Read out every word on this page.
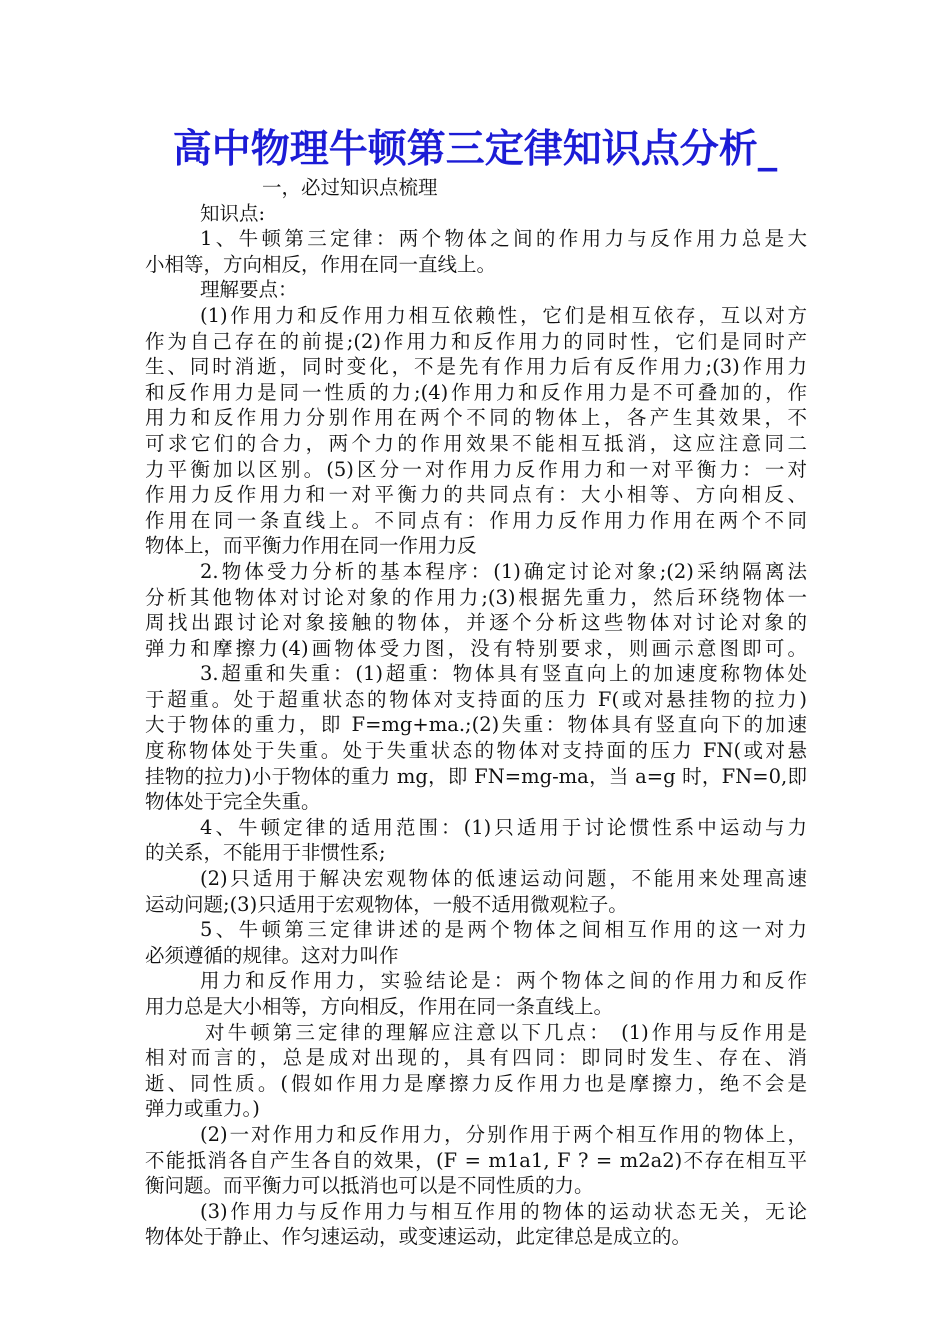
高中物理牛顿第三定律知识点分析_
一，必过知识点梳理
知识点:
1、牛顿第三定律：两个物体之间的作用力与反作用力总是大
小相等，方向相反，作用在同一直线上。
理解要点：
(1)作用力和反作用力相互依赖性，它们是相互依存，互以对方
作为自己存在的前提;(2)作用力和反作用力的同时性，它们是同时产
生、同时消逝，同时变化，不是先有作用力后有反作用力;(3)作用力
和反作用力是同一性质的力;(4)作用力和反作用力是不可叠加的，作
用力和反作用力分别作用在两个不同的物体上，各产生其效果，不
可求它们的合力，两个力的作用效果不能相互抵消，这应注意同二
力平衡加以区别。(5)区分一对作用力反作用力和一对平衡力：一对
作用力反作用力和一对平衡力的共同点有：大小相等、方向相反、
作用在同一条直线上。不同点有：作用力反作用力作用在两个不同
物体上，而平衡力作用在同一作用力反
2.物体受力分析的基本程序：(1)确定讨论对象;(2)采纳隔离法
分析其他物体对讨论对象的作用力;(3)根据先重力，然后环绕物体一
周找出跟讨论对象接触的物体，并逐个分析这些物体对讨论对象的
弹力和摩擦力(4)画物体受力图，没有特别要求，则画示意图即可。
3.超重和失重：(1)超重：物体具有竖直向上的加速度称物体处
于超重。处于超重状态的物体对支持面的压力 F(或对悬挂物的拉力)
大于物体的重力，即 F=mg+ma.;(2)失重：物体具有竖直向下的加速
度称物体处于失重。处于失重状态的物体对支持面的压力 FN(或对悬
挂物的拉力)小于物体的重力 mg，即 FN=mg-ma，当 a=g 时，FN=0,即
物体处于完全失重。
4、牛顿定律的适用范围：(1)只适用于讨论惯性系中运动与力
的关系，不能用于非惯性系;
(2)只适用于解决宏观物体的低速运动问题，不能用来处理高速
运动问题;(3)只适用于宏观物体，一般不适用微观粒子。
5、牛顿第三定律讲述的是两个物体之间相互作用的这一对力
必须遵循的规律。这对力叫作
用力和反作用力，实验结论是：两个物体之间的作用力和反作
用力总是大小相等，方向相反，作用在同一条直线上。
对牛顿第三定律的理解应注意以下几点： (1)作用与反作用是
相对而言的，总是成对出现的，具有四同：即同时发生、存在、消
逝、同性质。(假如作用力是摩擦力反作用力也是摩擦力，绝不会是
弹力或重力。)
(2)一对作用力和反作用力，分别作用于两个相互作用的物体上，
不能抵消各自产生各自的效果，(F = m1a1, F ? = m2a2)不存在相互平
衡问题。而平衡力可以抵消也可以是不同性质的力。
(3)作用力与反作用力与相互作用的物体的运动状态无关，无论
物体处于静止、作匀速运动，或变速运动，此定律总是成立的。
